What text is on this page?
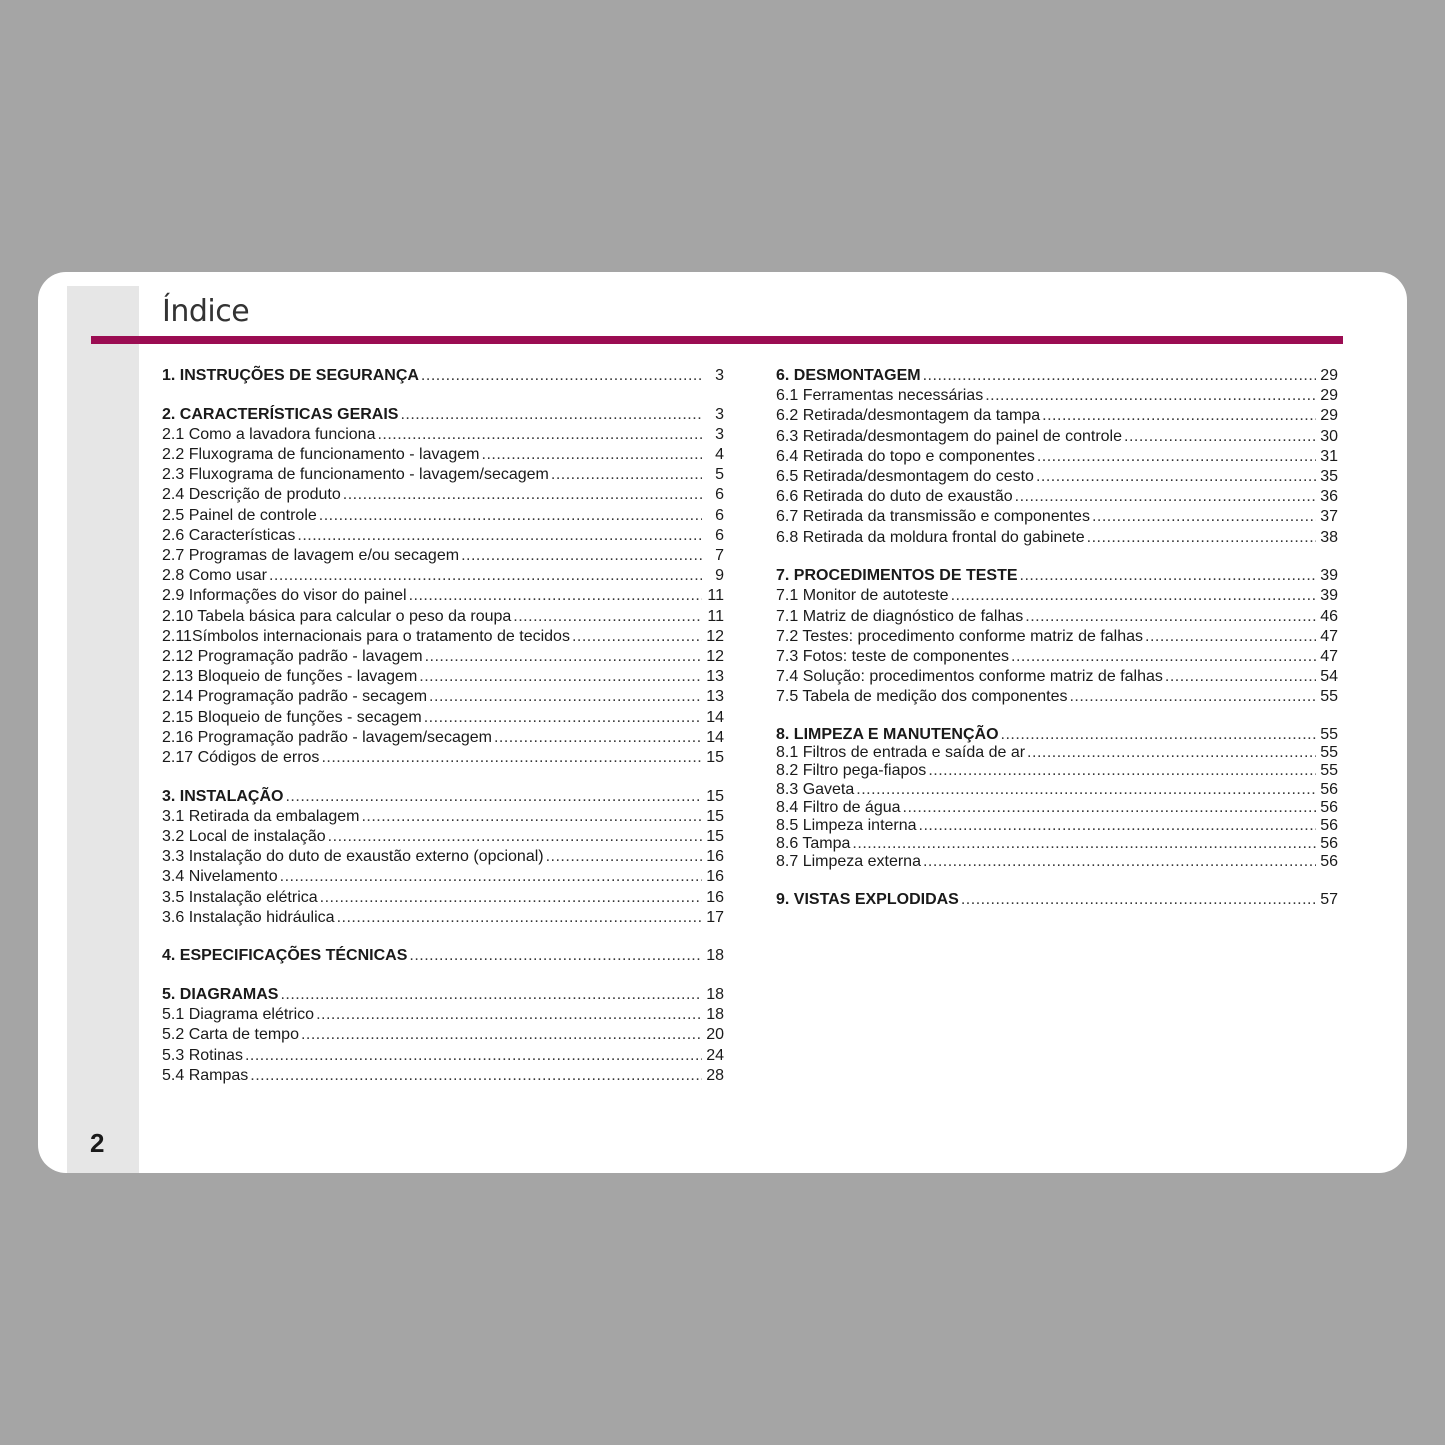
2
Índice
1. INSTRUÇÕES DE SEGURANÇA .....	3
2. CARACTERÍSTICAS GERAIS .....	3
2.1 Como a lavadora funciona .....	3
2.2 Fluxograma de funcionamento - lavagem .....	4
2.3 Fluxograma de funcionamento - lavagem/secagem .....	5
2.4 Descrição de produto .....	6
2.5 Painel de controle .....	6
2.6 Características .....	6
2.7 Programas de lavagem e/ou secagem .....	7
2.8 Como usar .....	9
2.9 Informações do visor do painel .....	11
2.10 Tabela básica para calcular o peso da roupa .....	11
2.11Símbolos internacionais para o tratamento de tecidos .....	12
2.12 Programação padrão - lavagem .....	12
2.13 Bloqueio de funções - lavagem .....	13
2.14 Programação padrão - secagem .....	13
2.15 Bloqueio de funções - secagem .....	14
2.16 Programação padrão - lavagem/secagem .....	14
2.17 Códigos de erros .....	15
3. INSTALAÇÃO .....	15
3.1 Retirada da embalagem .....	15
3.2 Local de instalação .....	15
3.3 Instalação do duto de exaustão externo (opcional) .....	16
3.4 Nivelamento .....	16
3.5 Instalação elétrica .....	16
3.6 Instalação hidráulica .....	17
4. ESPECIFICAÇÕES TÉCNICAS .....	18
5. DIAGRAMAS .....	18
5.1 Diagrama elétrico .....	18
5.2 Carta de tempo .....	20
5.3 Rotinas .....	24
5.4 Rampas .....	28
6. DESMONTAGEM .....	29
6.1 Ferramentas necessárias .....	29
6.2 Retirada/desmontagem da tampa .....	29
6.3 Retirada/desmontagem do painel de controle .....	30
6.4 Retirada do topo e componentes .....	31
6.5 Retirada/desmontagem do cesto .....	35
6.6 Retirada do duto de exaustão .....	36
6.7 Retirada da transmissão e componentes .....	37
6.8 Retirada da moldura frontal do gabinete .....	38
7. PROCEDIMENTOS DE TESTE .....	39
7.1 Monitor de autoteste .....	39
7.1 Matriz de diagnóstico de falhas .....	46
7.2 Testes: procedimento conforme matriz de falhas .....	47
7.3 Fotos: teste de componentes .....	47
7.4 Solução: procedimentos conforme matriz de falhas .....	54
7.5 Tabela de medição dos componentes .....	55
8. LIMPEZA E MANUTENÇÃO .....	55
8.1 Filtros de entrada e saída de ar .....	55
8.2 Filtro pega-fiapos .....	55
8.3 Gaveta .....	56
8.4 Filtro de água .....	56
8.5 Limpeza interna .....	56
8.6 Tampa .....	56
8.7 Limpeza externa .....	56
9. VISTAS EXPLODIDAS .....	57
